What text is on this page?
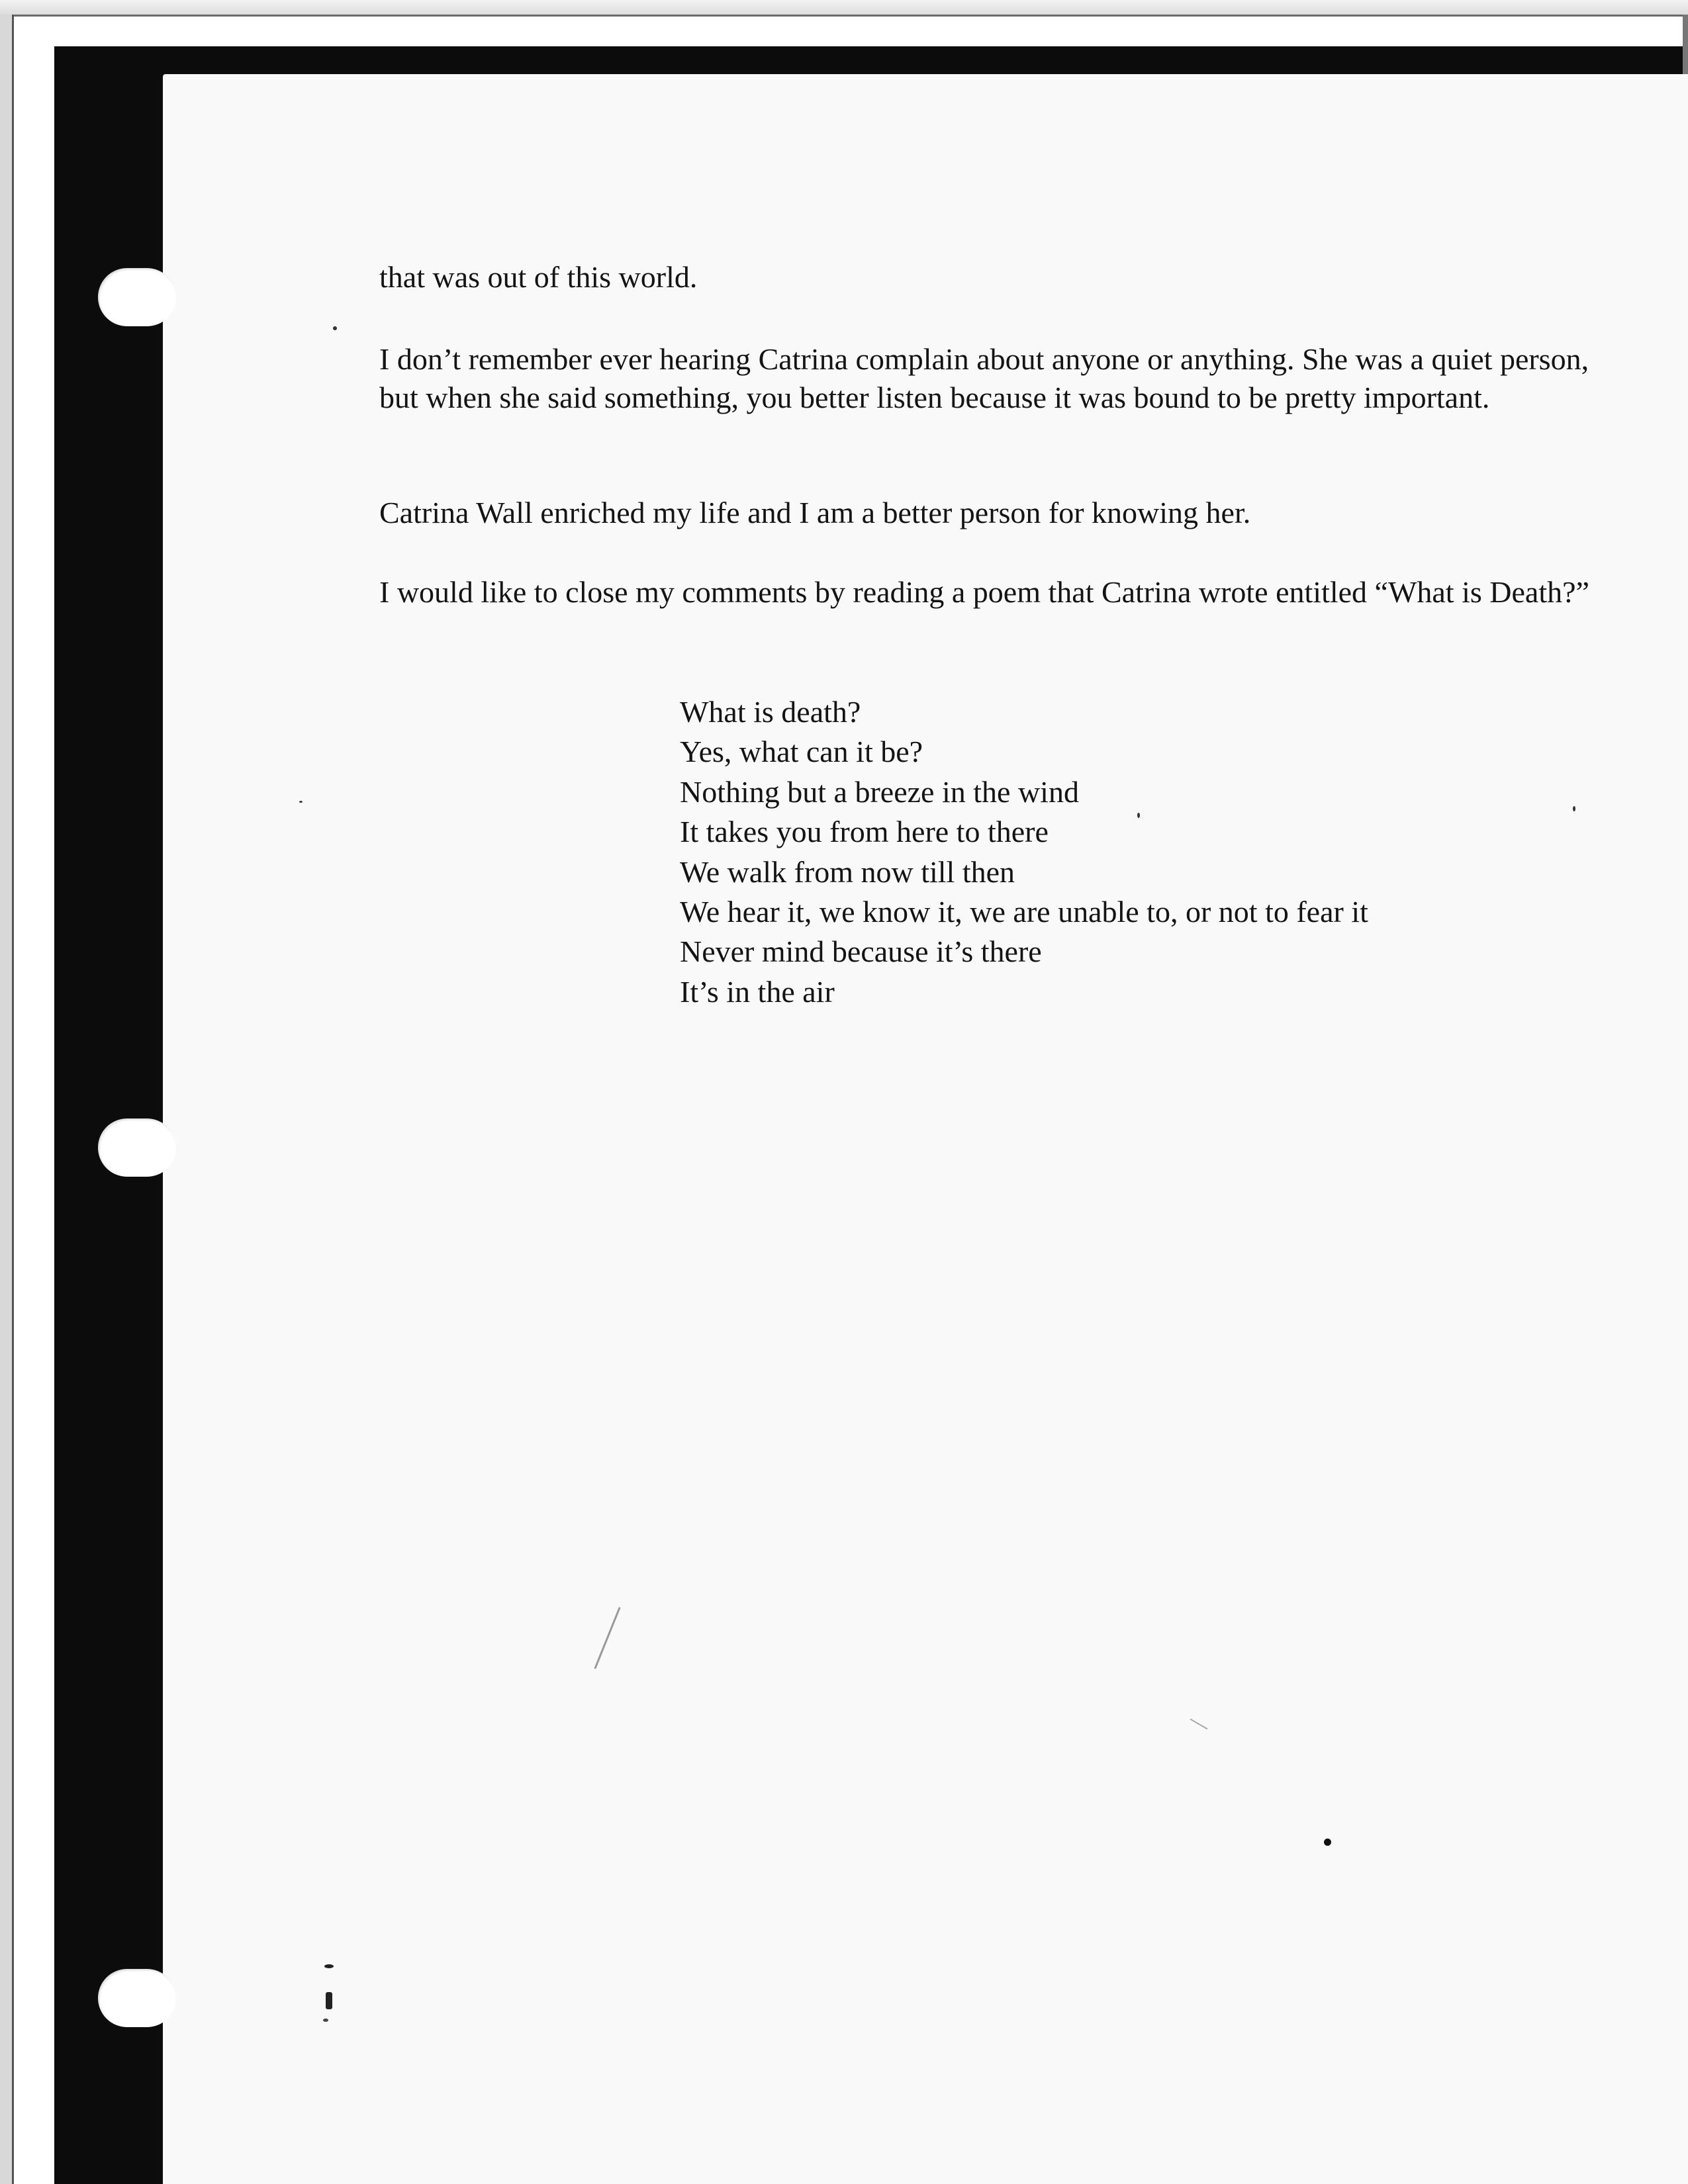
that was out of this world.
I don’t remember ever hearing Catrina complain about anyone or anything. She was a quiet person, but when she said something, you better listen because it was bound to be pretty important.
Catrina Wall enriched my life and I am a better person for knowing her.
I would like to close my comments by reading a poem that Catrina wrote entitled “What is Death?”
What is death?
Yes, what can it be?
Nothing but a breeze in the wind
It takes you from here to there
We walk from now till then
We hear it, we know it, we are unable to, or not to fear it
Never mind because it’s there
It’s in the air
